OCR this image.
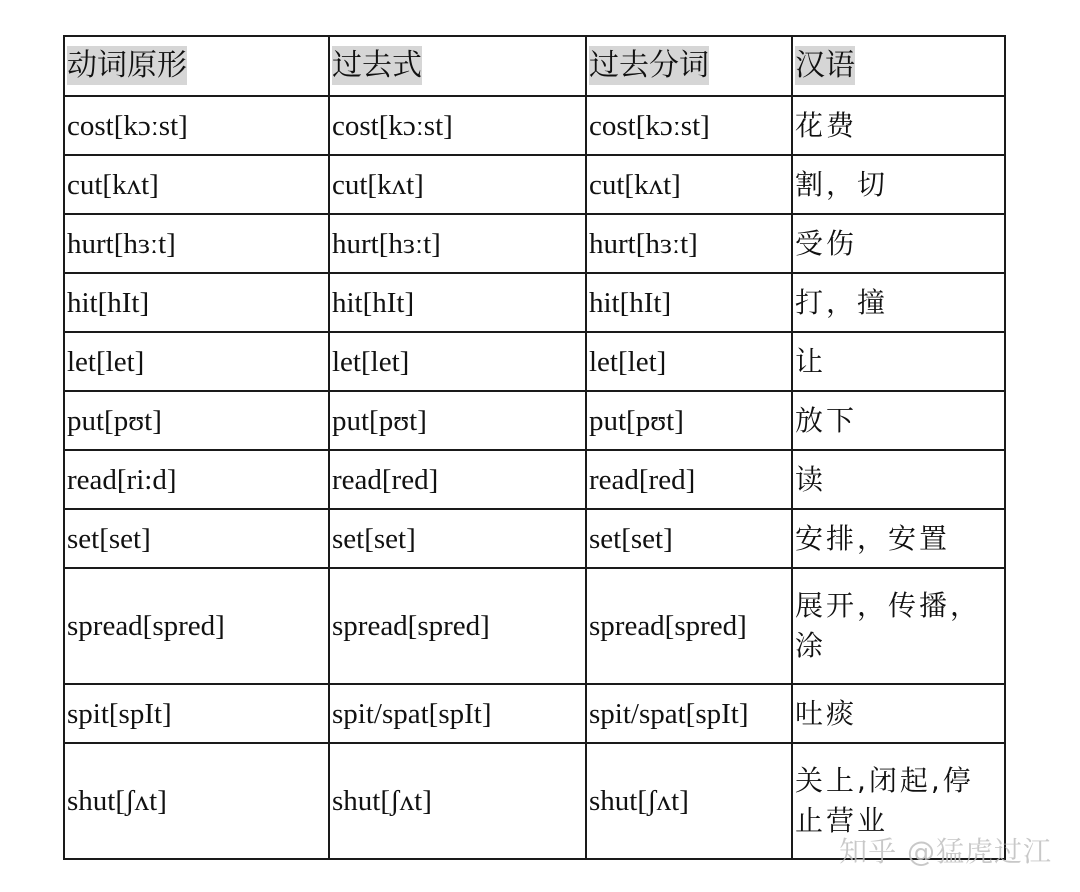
动词原形	过去式	过去分词	汉语
cost[kɔːst]	cost[kɔːst]	cost[kɔːst]	花费
cut[kʌt]	cut[kʌt]	cut[kʌt]	割，切
hurt[hɜːt]	hurt[hɜːt]	hurt[hɜːt]	受伤
hit[hIt]	hit[hIt]	hit[hIt]	打，撞
let[let]	let[let]	let[let]	让
put[pʊt]	put[pʊt]	put[pʊt]	放下
read[ri:d]	read[red]	read[red]	读
set[set]	set[set]	set[set]	安排，安置
spread[spred]	spread[spred]	spread[spred]	展开，传播，涂
spit[spIt]	spit/spat[spIt]	spit/spat[spIt]	吐痰
shut[ʃʌt]	shut[ʃʌt]	shut[ʃʌt]	关上,闭起,停止营业
知乎 @猛虎过江
